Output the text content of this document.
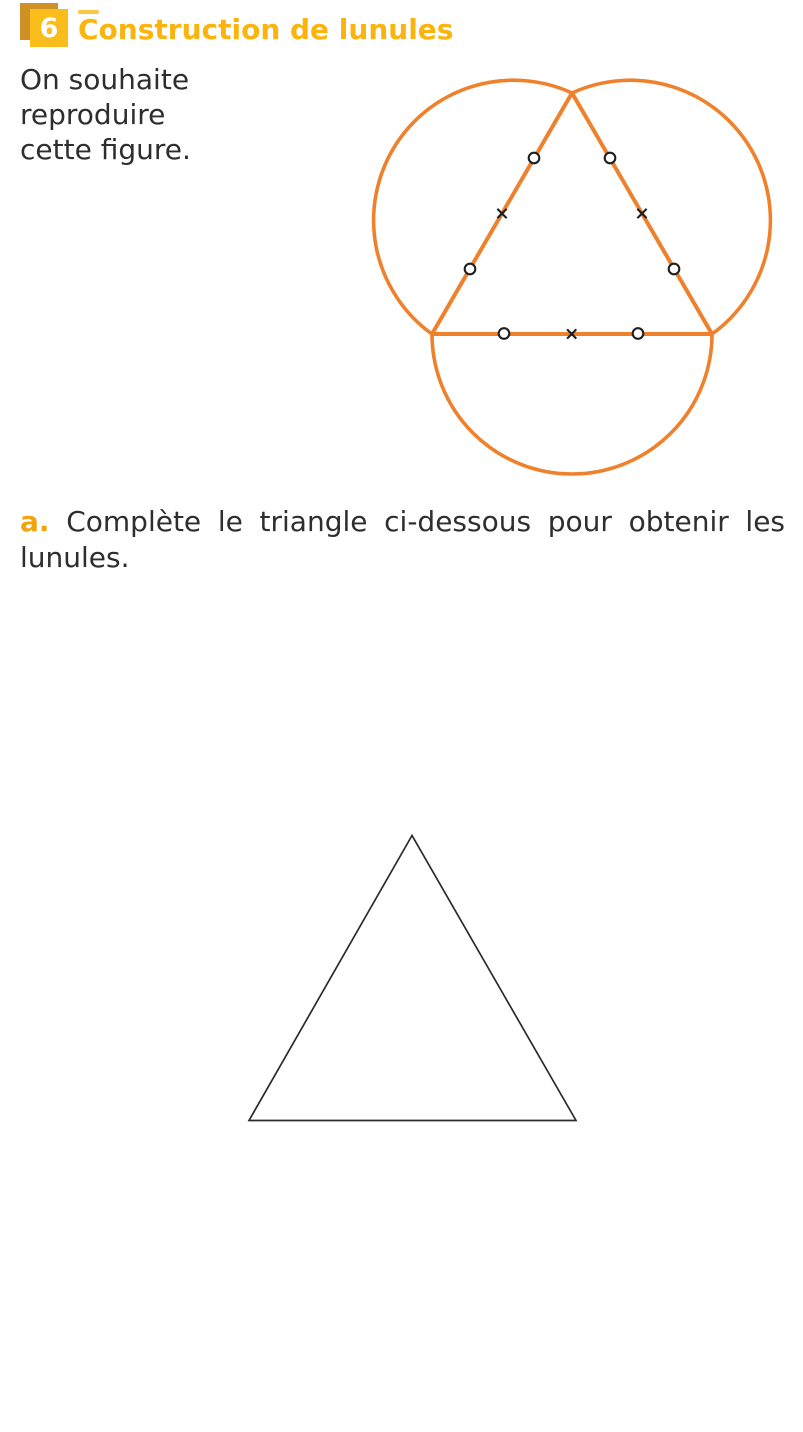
6 Construction de lunules
On souhaite
reproduire
cette figure.
a. Complète le triangle ci-dessous pour obtenir les
lunules.
